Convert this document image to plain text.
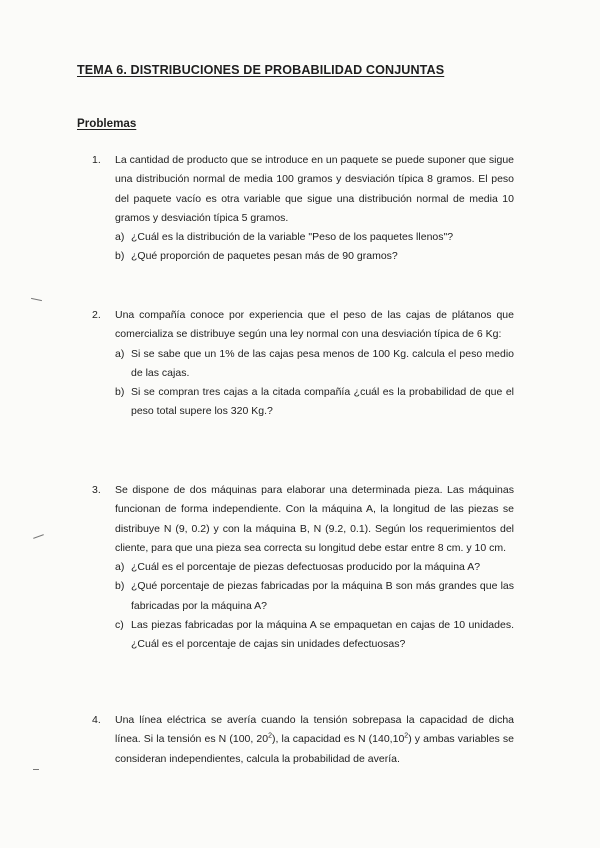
TEMA 6. DISTRIBUCIONES DE PROBABILIDAD CONJUNTAS
Problemas
1. La cantidad de producto que se introduce en un paquete se puede suponer que sigue una distribución normal de media 100 gramos y desviación típica 8 gramos. El peso del paquete vacío es otra variable que sigue una distribución normal de media 10 gramos y desviación típica 5 gramos.
a) ¿Cuál es la distribución de la variable "Peso de los paquetes llenos"?
b) ¿Qué proporción de paquetes pesan más de 90 gramos?
2. Una compañía conoce por experiencia que el peso de las cajas de plátanos que comercializa se distribuye según una ley normal con una desviación típica de 6 Kg:
a) Si se sabe que un 1% de las cajas pesa menos de 100 Kg. calcula el peso medio de las cajas.
b) Si se compran tres cajas a la citada compañía ¿cuál es la probabilidad de que el peso total supere los 320 Kg.?
3. Se dispone de dos máquinas para elaborar una determinada pieza. Las máquinas funcionan de forma independiente. Con la máquina A, la longitud de las piezas se distribuye N (9, 0.2) y con la máquina B, N (9.2, 0.1). Según los requerimientos del cliente, para que una pieza sea correcta su longitud debe estar entre 8 cm. y 10 cm.
a) ¿Cuál es el porcentaje de piezas defectuosas producido por la máquina A?
b) ¿Qué porcentaje de piezas fabricadas por la máquina B son más grandes que las fabricadas por la máquina A?
c) Las piezas fabricadas por la máquina A se empaquetan en cajas de 10 unidades. ¿Cuál es el porcentaje de cajas sin unidades defectuosas?
4. Una línea eléctrica se avería cuando la tensión sobrepasa la capacidad de dicha línea. Si la tensión es N (100, $20^2$), la capacidad es N (140,10$^2$) y ambas variables se consideran independientes, calcula la probabilidad de avería.
